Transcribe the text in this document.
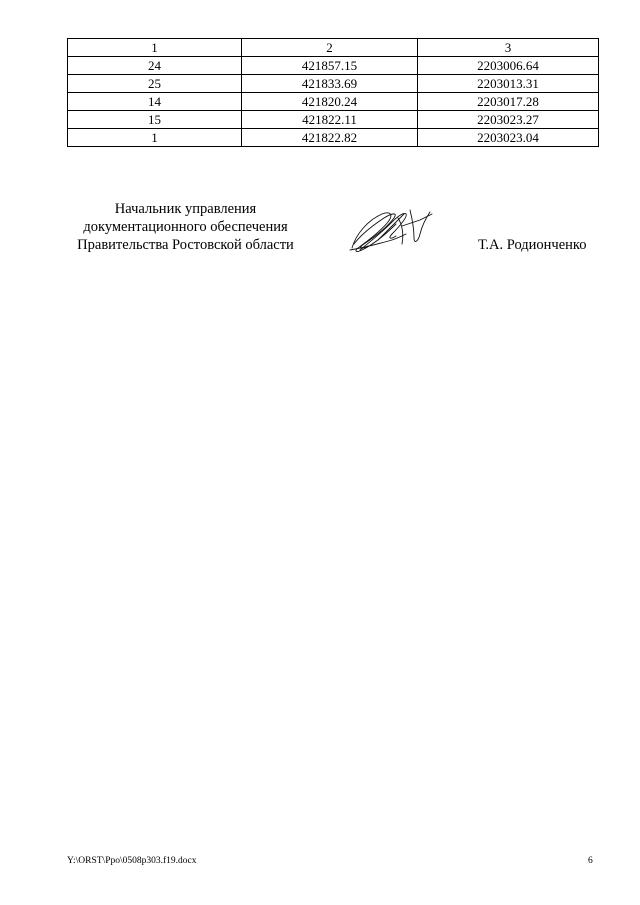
1	2	3
24	421857.15	2203006.64
25	421833.69	2203013.31
14	421820.24	2203017.28
15	421822.11	2203023.27
1	421822.82	2203023.04
Начальник управления
документационного обеспечения
Правительства Ростовской области	Т.А. Родионченко
Y:\ORST\Ppo\0508p303.f19.docx	6
